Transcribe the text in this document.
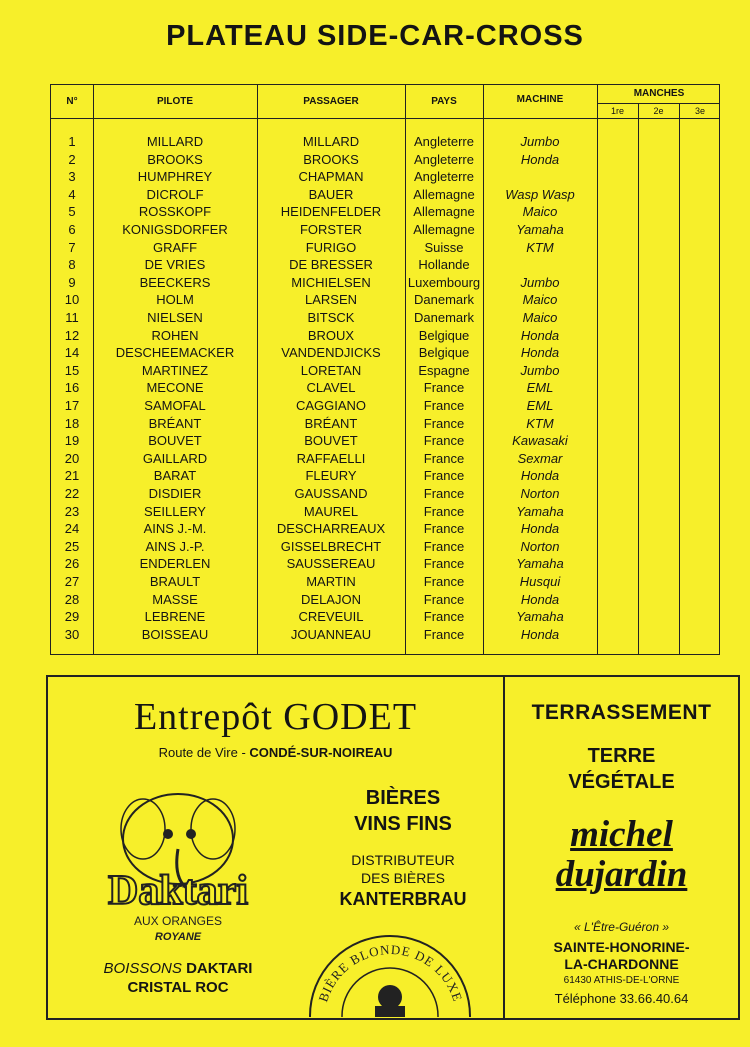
PLATEAU SIDE-CAR-CROSS
N°	PILOTE	PASSAGER	PAYS	MACHINE
MANCHES
1re	2e	3e
1	MILLARD	MILLARD	Angleterre	Jumbo
2	BROOKS	BROOKS	Angleterre	Honda
3	HUMPHREY	CHAPMAN	Angleterre
4	DICROLF	BAUER	Allemagne	Wasp Wasp
5	ROSSKOPF	HEIDENFELDER	Allemagne	Maico
6	KONIGSDORFER	FORSTER	Allemagne	Yamaha
7	GRAFF	FURIGO	Suisse	KTM
8	DE VRIES	DE BRESSER	Hollande
9	BEECKERS	MICHIELSEN	Luxembourg	Jumbo
10	HOLM	LARSEN	Danemark	Maico
11	NIELSEN	BITSCK	Danemark	Maico
12	ROHEN	BROUX	Belgique	Honda
14	DESCHEEMACKER	VANDENDJICKS	Belgique	Honda
15	MARTINEZ	LORETAN	Espagne	Jumbo
16	MECONE	CLAVEL	France	EML
17	SAMOFAL	CAGGIANO	France	EML
18	BRÉANT	BRÉANT	France	KTM
19	BOUVET	BOUVET	France	Kawasaki
20	GAILLARD	RAFFAELLI	France	Sexmar
21	BARAT	FLEURY	France	Honda
22	DISDIER	GAUSSAND	France	Norton
23	SEILLERY	MAUREL	France	Yamaha
24	AINS J.-M.	DESCHARREAUX	France	Honda
25	AINS J.-P.	GISSELBRECHT	France	Norton
26	ENDERLEN	SAUSSEREAU	France	Yamaha
27	BRAULT	MARTIN	France	Husqui
28	MASSE	DELAJON	France	Honda
29	LEBRENE	CREVEUIL	France	Yamaha
30	BOISSEAU	JOUANNEAU	France	Honda
Entrepôt GODET
Route de Vire - CONDÉ-SUR-NOIREAU
Daktari
AUX ORANGES
ROYANE
BIÈRES
VINS FINS
DISTRIBUTEUR
DES BIÈRES
KANTERBRAU
BIÈRE BLONDE DE LUXE
BOISSONS DAKTARI
CRISTAL ROC
TERRASSEMENT
TERRE
VÉGÉTALE
michel
dujardin
« L'Être-Guéron »
SAINTE-HONORINE-
LA-CHARDONNE
61430 ATHIS-DE-L'ORNE
Téléphone 33.66.40.64
